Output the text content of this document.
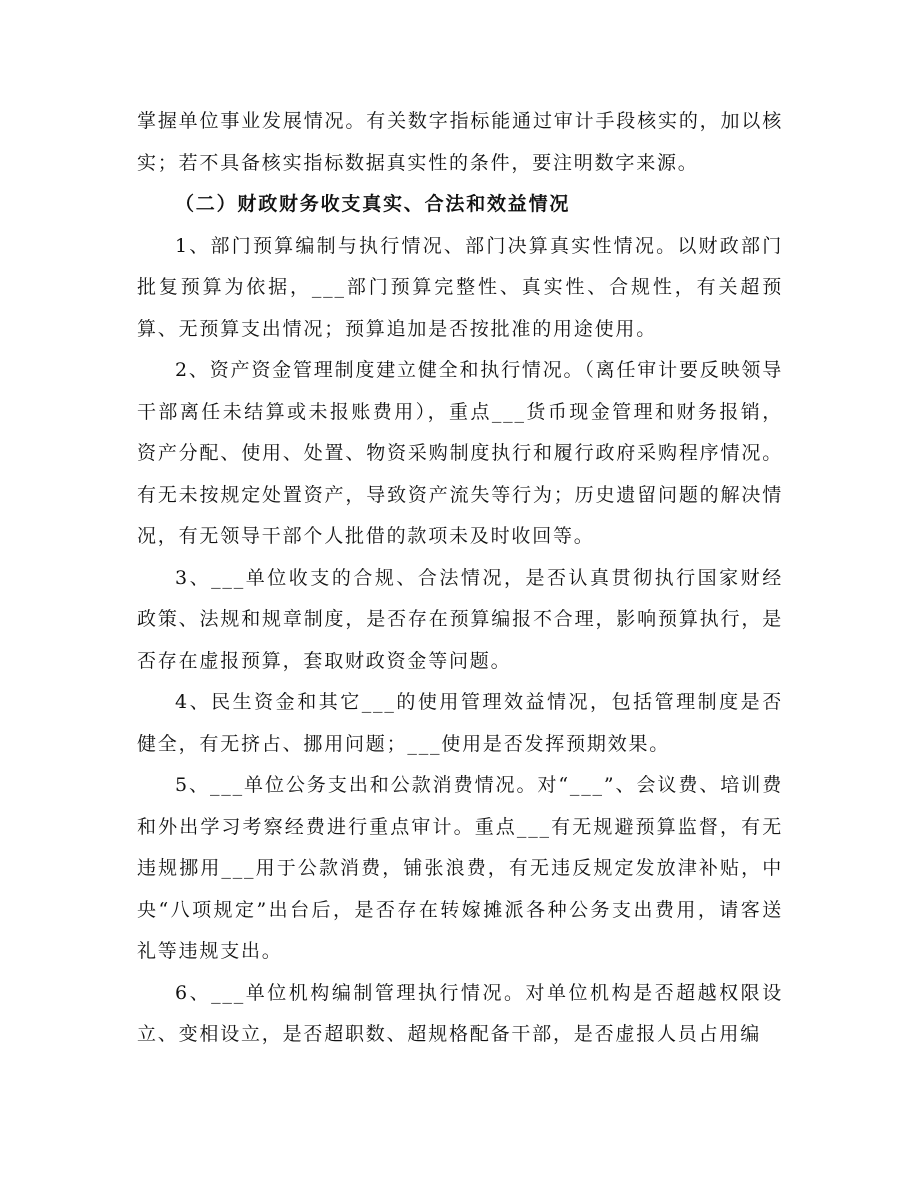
掌握单位事业发展情况。有关数字指标能通过审计手段核实的，加以核实；若不具备核实指标数据真实性的条件，要注明数字来源。

（二）财政财务收支真实、合法和效益情况

1、部门预算编制与执行情况、部门决算真实性情况。以财政部门批复预算为依据，___部门预算完整性、真实性、合规性，有关超预算、无预算支出情况；预算追加是否按批准的用途使用。

2、资产资金管理制度建立健全和执行情况。（离任审计要反映领导干部离任未结算或未报账费用），重点___货币现金管理和财务报销，资产分配、使用、处置、物资采购制度执行和履行政府采购程序情况。有无未按规定处置资产，导致资产流失等行为；历史遗留问题的解决情况，有无领导干部个人批借的款项未及时收回等。

3、___单位收支的合规、合法情况，是否认真贯彻执行国家财经政策、法规和规章制度，是否存在预算编报不合理，影响预算执行，是否存在虚报预算，套取财政资金等问题。

4、民生资金和其它___的使用管理效益情况，包括管理制度是否健全，有无挤占、挪用问题；___使用是否发挥预期效果。

5、___单位公务支出和公款消费情况。对“___”、会议费、培训费和外出学习考察经费进行重点审计。重点___有无规避预算监督，有无违规挪用___用于公款消费，铺张浪费，有无违反规定发放津补贴，中央“八项规定”出台后，是否存在转嫁摊派各种公务支出费用，请客送礼等违规支出。

6、___单位机构编制管理执行情况。对单位机构是否超越权限设立、变相设立，是否超职数、超规格配备干部，是否虚报人员占用编
